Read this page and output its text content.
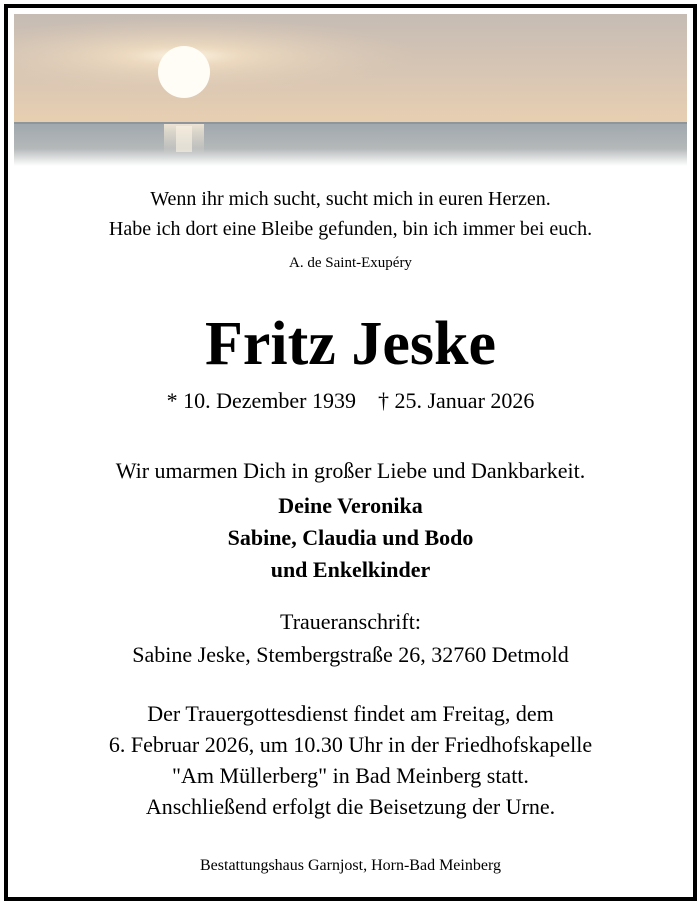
Wenn ihr mich sucht, sucht mich in euren Herzen.
Habe ich dort eine Bleibe gefunden, bin ich immer bei euch.
A. de Saint-Exupéry
Fritz Jeske
* 10. Dezember 1939 † 25. Januar 2026
Wir umarmen Dich in großer Liebe und Dankbarkeit.
Deine Veronika
Sabine, Claudia und Bodo
und Enkelkinder
Traueranschrift:
Sabine Jeske, Stembergstraße 26, 32760 Detmold
Der Trauergottesdienst findet am Freitag, dem
6. Februar 2026, um 10.30 Uhr in der Friedhofskapelle
"Am Müllerberg" in Bad Meinberg statt.
Anschließend erfolgt die Beisetzung der Urne.
Bestattungshaus Garnjost, Horn-Bad Meinberg
